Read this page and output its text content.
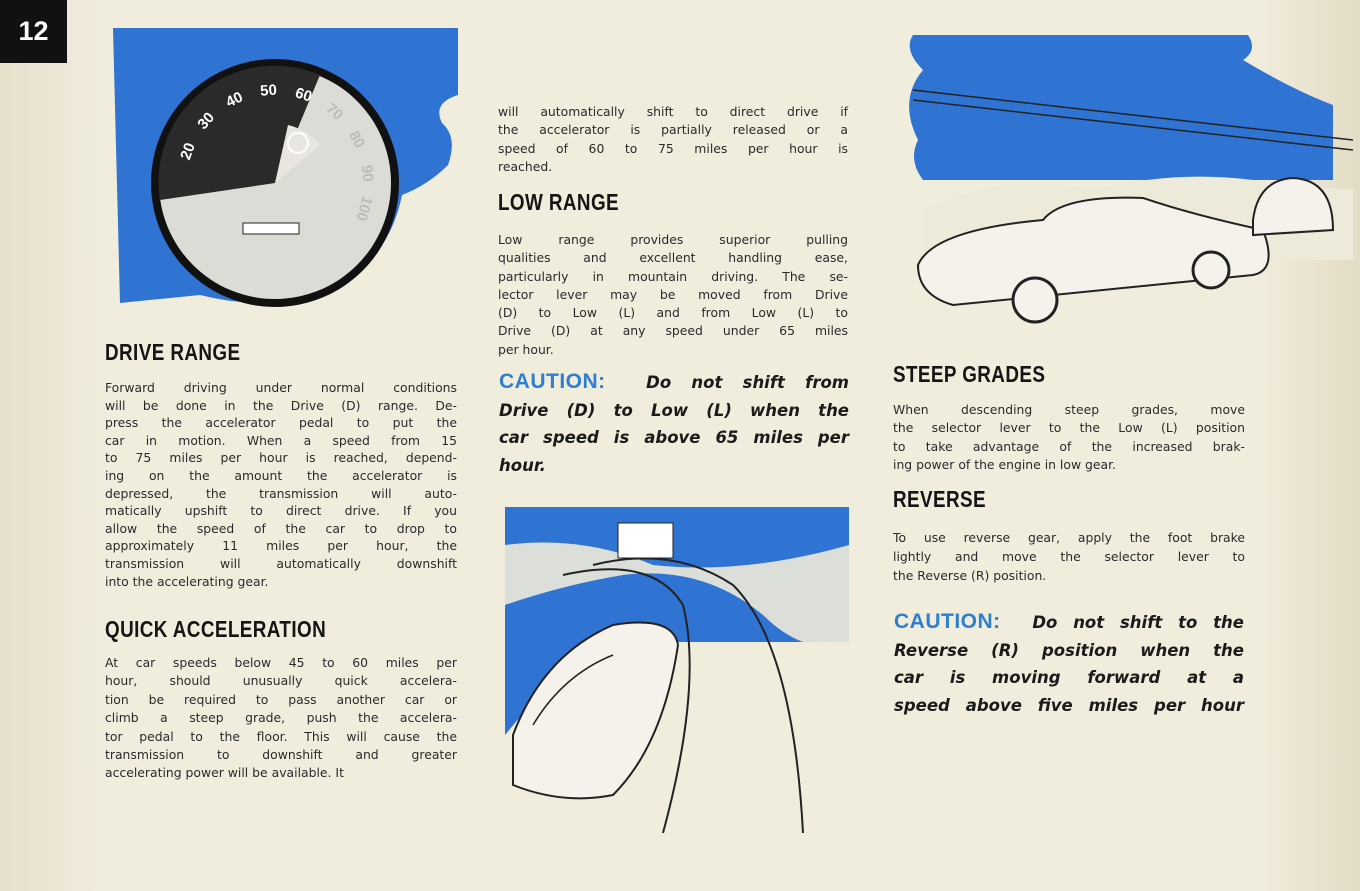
12
20
30
40 50 60
70
80
90
100
DRIVE RANGE
Forward driving under normal conditions
will be done in the Drive (D) range. De-
press the accelerator pedal to put the
car in motion. When a speed from 15
to 75 miles per hour is reached, depend-
ing on the amount the accelerator is
depressed, the transmission will auto-
matically upshift to direct drive. If you
allow the speed of the car to drop to
approximately 11 miles per hour, the
transmission will automatically downshift
into the accelerating gear.
QUICK ACCELERATION
At car speeds below 45 to 60 miles per
hour, should unusually quick accelera-
tion be required to pass another car or
climb a steep grade, push the accelera-
tor pedal to the floor. This will cause the
transmission to downshift and greater
accelerating power will be available. It
will automatically shift to direct drive if
the accelerator is partially released or a
speed of 60 to 75 miles per hour is
reached.
LOW RANGE
Low range provides superior pulling
qualities and excellent handling ease,
particularly in mountain driving. The se-
lector lever may be moved from Drive
(D) to Low (L) and from Low (L) to
Drive (D) at any speed under 65 miles
per hour.
CAUTION: Do not shift from
Drive (D) to Low (L) when the
car speed is above 65 miles per
hour.
STEEP GRADES
When descending steep grades, move
the selector lever to the Low (L) position
to take advantage of the increased brak-
ing power of the engine in low gear.
REVERSE
To use reverse gear, apply the foot brake
lightly and move the selector lever to
the Reverse (R) position.
CAUTION: Do not shift to the
Reverse (R) position when the
car is moving forward at a
speed above five miles per hour
